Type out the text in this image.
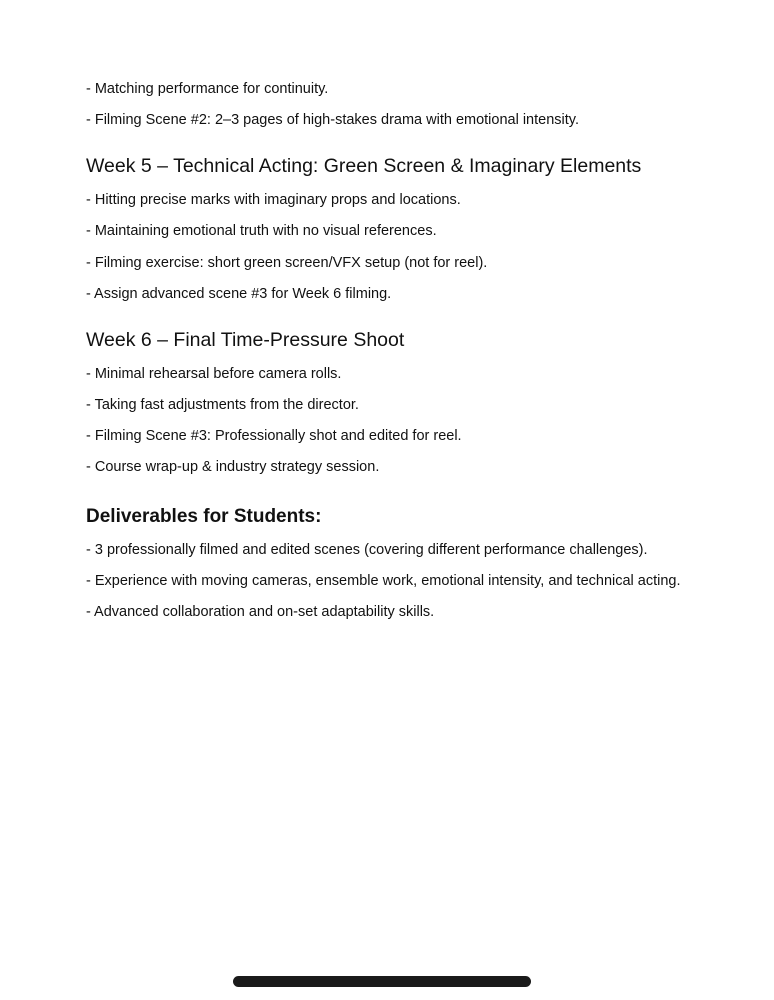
- Matching performance for continuity.
- Filming Scene #2: 2–3 pages of high-stakes drama with emotional intensity.
Week 5 – Technical Acting: Green Screen & Imaginary Elements
- Hitting precise marks with imaginary props and locations.
- Maintaining emotional truth with no visual references.
- Filming exercise: short green screen/VFX setup (not for reel).
- Assign advanced scene #3 for Week 6 filming.
Week 6 – Final Time-Pressure Shoot
- Minimal rehearsal before camera rolls.
- Taking fast adjustments from the director.
- Filming Scene #3: Professionally shot and edited for reel.
- Course wrap-up & industry strategy session.
Deliverables for Students:
- 3 professionally filmed and edited scenes (covering different performance challenges).
- Experience with moving cameras, ensemble work, emotional intensity, and technical acting.
- Advanced collaboration and on-set adaptability skills.
